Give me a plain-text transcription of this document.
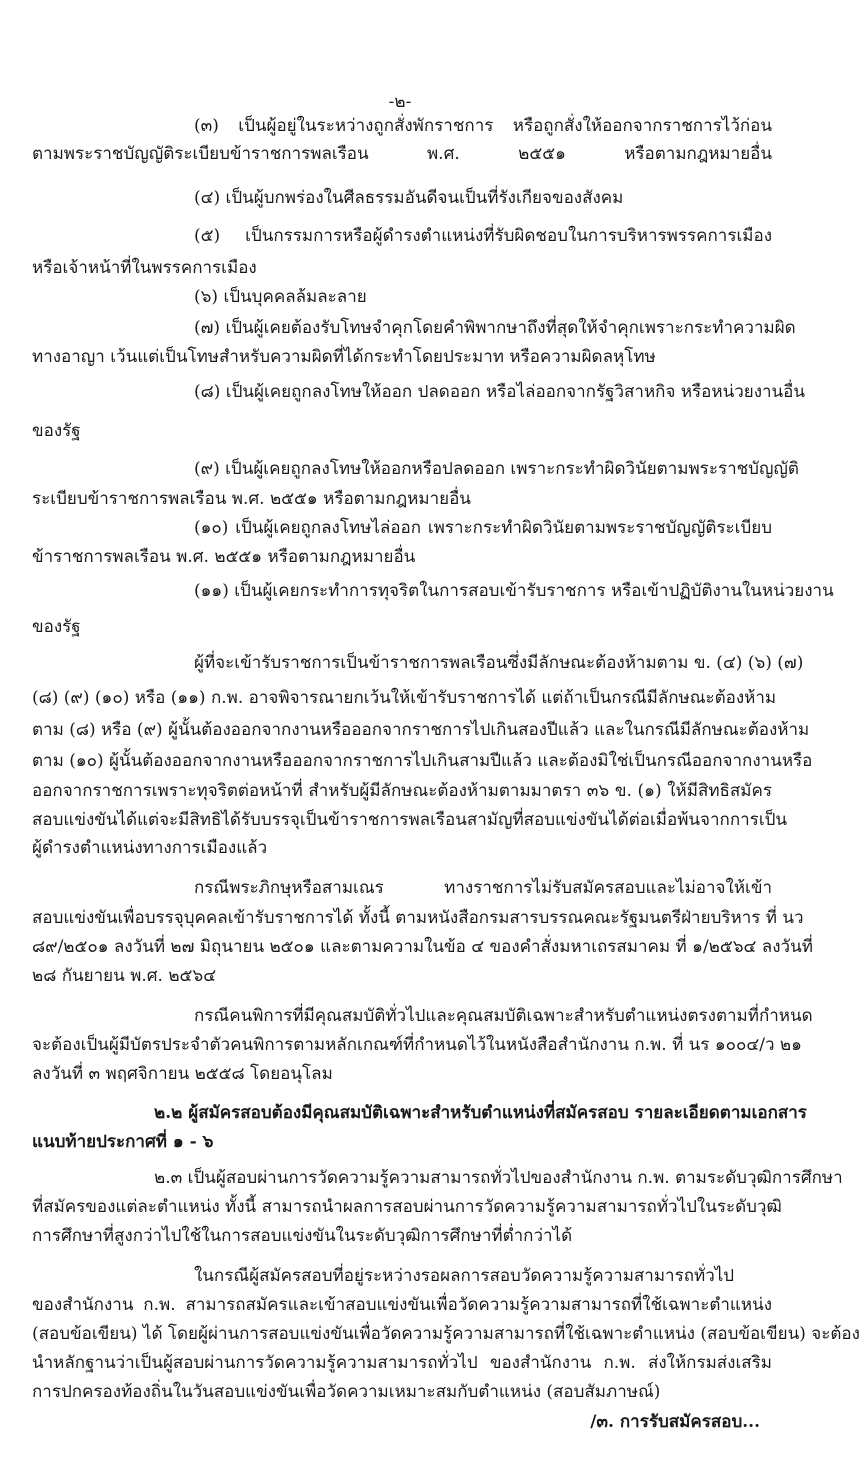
-๒-
(๓) เป็นผู้อยู่ในระหว่างถูกสั่งพักราชการ หรือถูกสั่งให้ออกจากราชการไว้ก่อน
ตามพระราชบัญญัติระเบียบข้าราชการพลเรือน พ.ศ. ๒๕๕๑ หรือตามกฎหมายอื่น
(๔) เป็นผู้บกพร่องในศีลธรรมอันดีจนเป็นที่รังเกียจของสังคม
(๕) เป็นกรรมการหรือผู้ดำรงตำแหน่งที่รับผิดชอบในการบริหารพรรคการเมือง
หรือเจ้าหน้าที่ในพรรคการเมือง
(๖) เป็นบุคคลล้มละลาย
(๗) เป็นผู้เคยต้องรับโทษจำคุกโดยคำพิพากษาถึงที่สุดให้จำคุกเพราะกระทำความผิด
ทางอาญา เว้นแต่เป็นโทษสำหรับความผิดที่ได้กระทำโดยประมาท หรือความผิดลหุโทษ
(๘) เป็นผู้เคยถูกลงโทษให้ออก ปลดออก หรือไล่ออกจากรัฐวิสาหกิจ หรือหน่วยงานอื่น
ของรัฐ
(๙) เป็นผู้เคยถูกลงโทษให้ออกหรือปลดออก เพราะกระทำผิดวินัยตามพระราชบัญญัติ
ระเบียบข้าราชการพลเรือน พ.ศ. ๒๕๕๑ หรือตามกฎหมายอื่น
(๑๐) เป็นผู้เคยถูกลงโทษไล่ออก เพราะกระทำผิดวินัยตามพระราชบัญญัติระเบียบ
ข้าราชการพลเรือน พ.ศ. ๒๕๕๑ หรือตามกฎหมายอื่น
(๑๑) เป็นผู้เคยกระทำการทุจริตในการสอบเข้ารับราชการ หรือเข้าปฏิบัติงานในหน่วยงาน
ของรัฐ
ผู้ที่จะเข้ารับราชการเป็นข้าราชการพลเรือนซึ่งมีลักษณะต้องห้ามตาม ข. (๔) (๖) (๗)
(๘) (๙) (๑๐) หรือ (๑๑) ก.พ. อาจพิจารณายกเว้นให้เข้ารับราชการได้ แต่ถ้าเป็นกรณีมีลักษณะต้องห้าม
ตาม (๘) หรือ (๙) ผู้นั้นต้องออกจากงานหรือออกจากราชการไปเกินสองปีแล้ว และในกรณีมีลักษณะต้องห้าม
ตาม (๑๐) ผู้นั้นต้องออกจากงานหรือออกจากราชการไปเกินสามปีแล้ว และต้องมิใช่เป็นกรณีออกจากงานหรือ
ออกจากราชการเพราะทุจริตต่อหน้าที่ สำหรับผู้มีลักษณะต้องห้ามตามมาตรา ๓๖ ข. (๑) ให้มีสิทธิสมัคร
สอบแข่งขันได้แต่จะมีสิทธิได้รับบรรจุเป็นข้าราชการพลเรือนสามัญที่สอบแข่งขันได้ต่อเมื่อพ้นจากการเป็น
ผู้ดำรงตำแหน่งทางการเมืองแล้ว
กรณีพระภิกษุหรือสามเณร ทางราชการไม่รับสมัครสอบและไม่อาจให้เข้า
สอบแข่งขันเพื่อบรรจุบุคคลเข้ารับราชการได้ ทั้งนี้ ตามหนังสือกรมสารบรรณคณะรัฐมนตรีฝ่ายบริหาร ที่ นว
๘๙/๒๕๐๑ ลงวันที่ ๒๗ มิถุนายน ๒๕๐๑ และตามความในข้อ ๔ ของคำสั่งมหาเถรสมาคม ที่ ๑/๒๕๖๔ ลงวันที่
๒๘ กันยายน พ.ศ. ๒๕๖๔
กรณีคนพิการที่มีคุณสมบัติทั่วไปและคุณสมบัติเฉพาะสำหรับตำแหน่งตรงตามที่กำหนด
จะต้องเป็นผู้มีบัตรประจำตัวคนพิการตามหลักเกณฑ์ที่กำหนดไว้ในหนังสือสำนักงาน ก.พ. ที่ นร ๑๐๐๔/ว ๒๑
ลงวันที่ ๓ พฤศจิกายน ๒๕๕๘ โดยอนุโลม
๒.๒ ผู้สมัครสอบต้องมีคุณสมบัติเฉพาะสำหรับตำแหน่งที่สมัครสอบ รายละเอียดตามเอกสาร
แนบท้ายประกาศที่ ๑ - ๖
๒.๓ เป็นผู้สอบผ่านการวัดความรู้ความสามารถทั่วไปของสำนักงาน ก.พ. ตามระดับวุฒิการศึกษา
ที่สมัครของแต่ละตำแหน่ง ทั้งนี้ สามารถนำผลการสอบผ่านการวัดความรู้ความสามารถทั่วไปในระดับวุฒิ
การศึกษาที่สูงกว่าไปใช้ในการสอบแข่งขันในระดับวุฒิการศึกษาที่ต่ำกว่าได้
ในกรณีผู้สมัครสอบที่อยู่ระหว่างรอผลการสอบวัดความรู้ความสามารถทั่วไป
ของสำนักงาน ก.พ. สามารถสมัครและเข้าสอบแข่งขันเพื่อวัดความรู้ความสามารถที่ใช้เฉพาะตำแหน่ง
(สอบข้อเขียน) ได้ โดยผู้ผ่านการสอบแข่งขันเพื่อวัดความรู้ความสามารถที่ใช้เฉพาะตำแหน่ง (สอบข้อเขียน) จะต้อง
นำหลักฐานว่าเป็นผู้สอบผ่านการวัดความรู้ความสามารถทั่วไป ของสำนักงาน ก.พ. ส่งให้กรมส่งเสริม
การปกครองท้องถิ่นในวันสอบแข่งขันเพื่อวัดความเหมาะสมกับตำแหน่ง (สอบสัมภาษณ์)
/๓. การรับสมัครสอบ...
